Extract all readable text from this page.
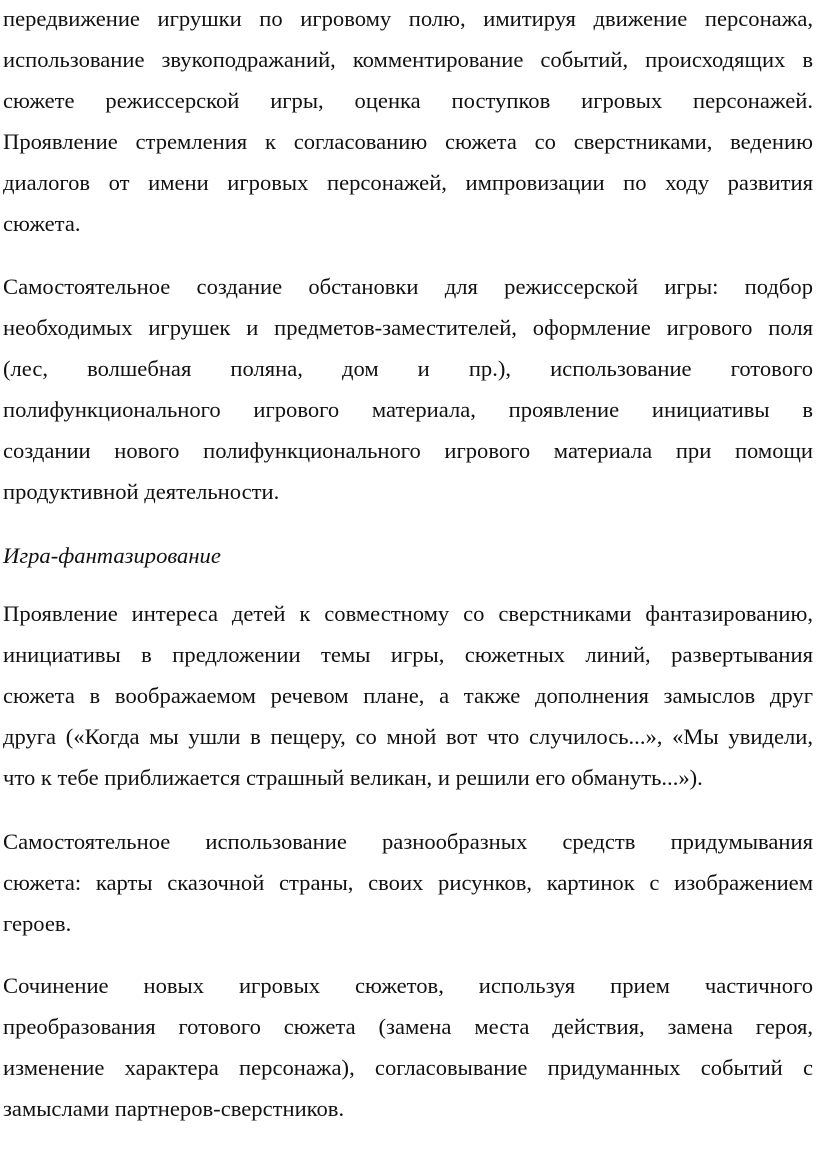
передвижение игрушки по игровому полю, имитируя движение персонажа,
использование звукоподражаний, комментирование событий, происходящих в
сюжете режиссерской игры, оценка поступков игровых персонажей.
Проявление стремления к согласованию сюжета со сверстниками, ведению
диалогов от имени игровых персонажей, импровизации по ходу развития
сюжета.
Самостоятельное создание обстановки для режиссерской игры: подбор
необходимых игрушек и предметов-заместителей, оформление игрового поля
(лес, волшебная поляна, дом и пр.), использование готового
полифункционального игрового материала, проявление инициативы в
создании нового полифункционального игрового материала при помощи
продуктивной деятельности.
Игра-фантазирование
Проявление интереса детей к совместному со сверстниками фантазированию,
инициативы в предложении темы игры, сюжетных линий, развертывания
сюжета в воображаемом речевом плане, а также дополнения замыслов друг
друга («Когда мы ушли в пещеру, со мной вот что случилось...», «Мы увидели,
что к тебе приближается страшный великан, и решили его обмануть...»).
Самостоятельное использование разнообразных средств придумывания
сюжета: карты сказочной страны, своих рисунков, картинок с изображением
героев.
Сочинение новых игровых сюжетов, используя прием частичного
преобразования готового сюжета (замена места действия, замена героя,
изменение характера персонажа), согласовывание придуманных событий с
замыслами партнеров-сверстников.
